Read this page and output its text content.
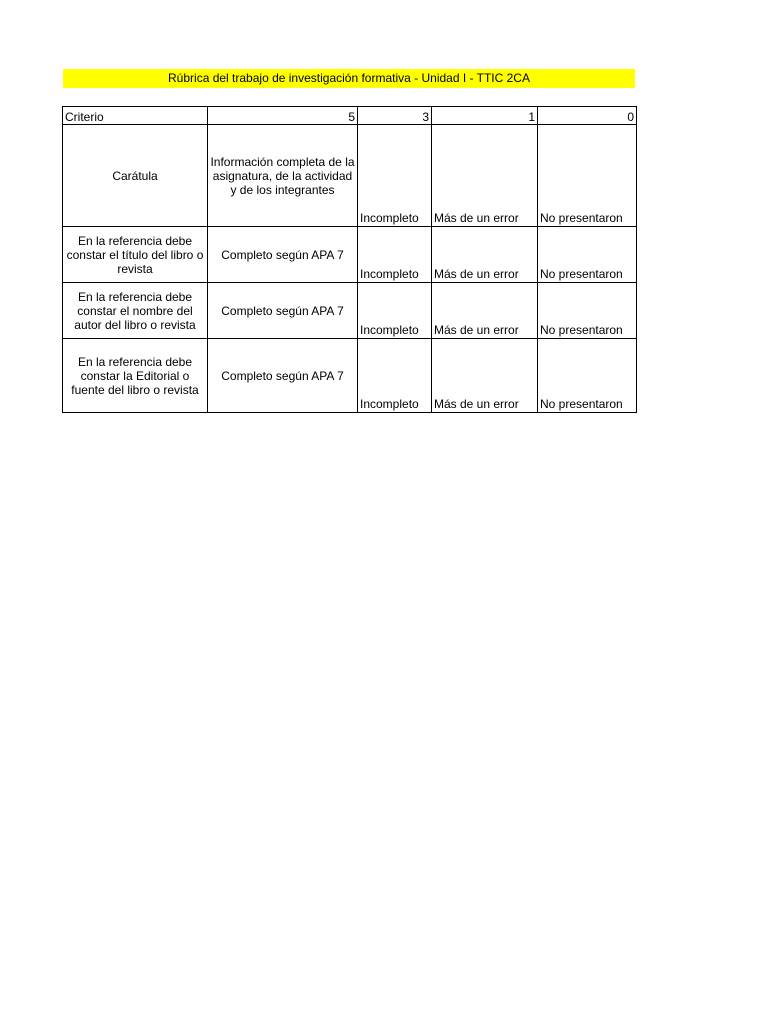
Rúbrica del trabajo de investigación formativa - Unidad I - TTIC 2CA
Criterio	5	3	1	0
Carátula	Información completa de la asignatura, de la actividad y de los integrantes	Incompleto	Más de un error	No presentaron
En la referencia debe constar el título del libro o revista	Completo según APA 7	Incompleto	Más de un error	No presentaron
En la referencia debe constar el nombre del autor del libro o revista	Completo según APA 7	Incompleto	Más de un error	No presentaron
En la referencia debe constar la Editorial o fuente del libro o revista	Completo según APA 7	Incompleto	Más de un error	No presentaron
